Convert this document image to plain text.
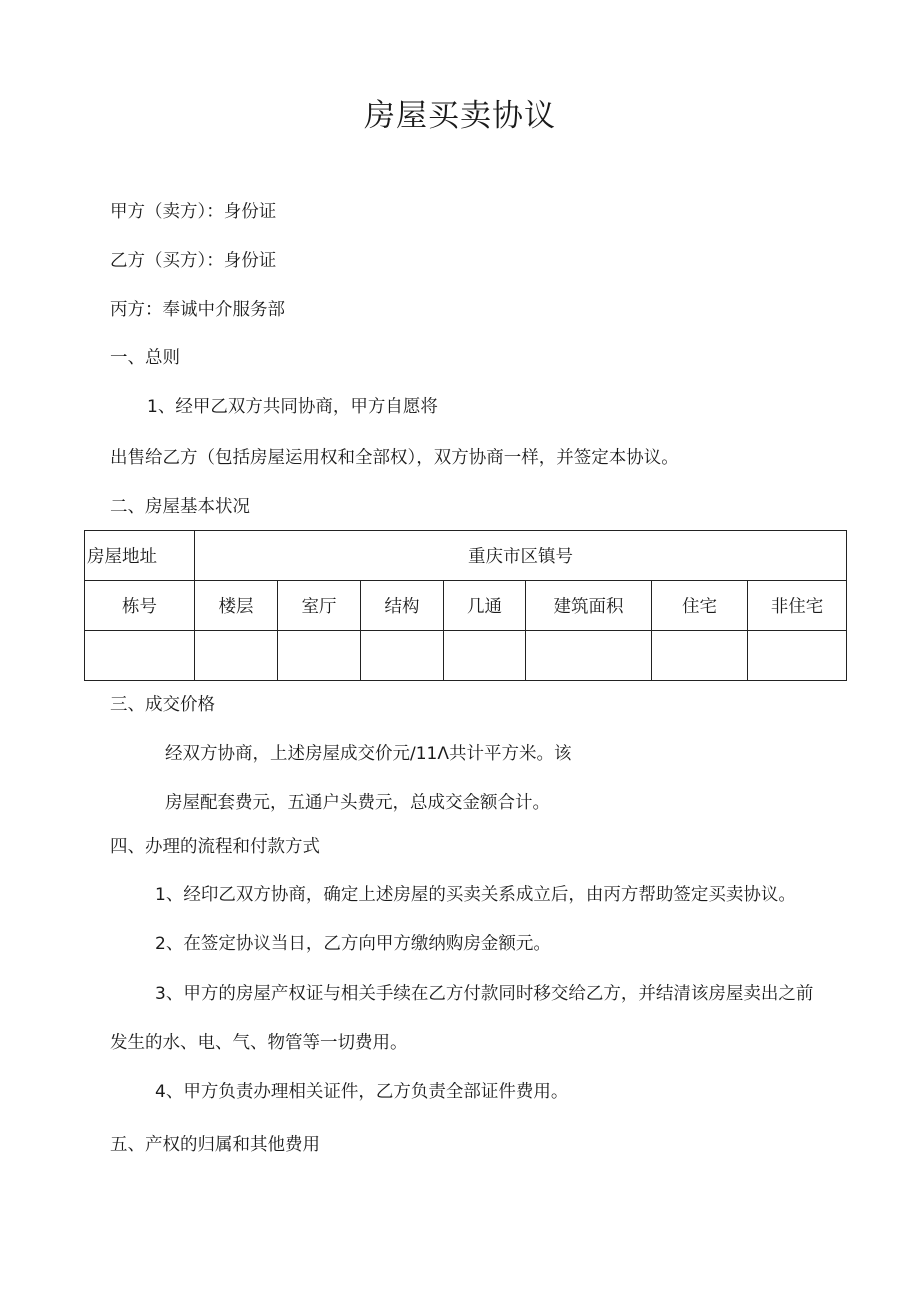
房屋买卖协议
甲方（卖方）：身份证
乙方（买方）：身份证
丙方：奉诚中介服务部
一、总则
1、经甲乙双方共同协商，甲方自愿将
出售给乙方（包括房屋运用权和全部权），双方协商一样，并签定本协议。
二、房屋基本状况
房屋地址	重庆市区镇号						
栋号	楼层	室厅	结构	几通	建筑面积	住宅	非住宅

三、成交价格
经双方协商，上述房屋成交价元/11Λ共计平方米。该
房屋配套费元，五通户头费元，总成交金额合计。
四、办理的流程和付款方式
1、经印乙双方协商，确定上述房屋的买卖关系成立后，由丙方帮助签定买卖协议。
2、在签定协议当日，乙方向甲方缴纳购房金额元。
3、甲方的房屋产权证与相关手续在乙方付款同时移交给乙方，并结清该房屋卖出之前
发生的水、电、气、物管等一切费用。
4、甲方负责办理相关证件，乙方负责全部证件费用。
五、产权的归属和其他费用
